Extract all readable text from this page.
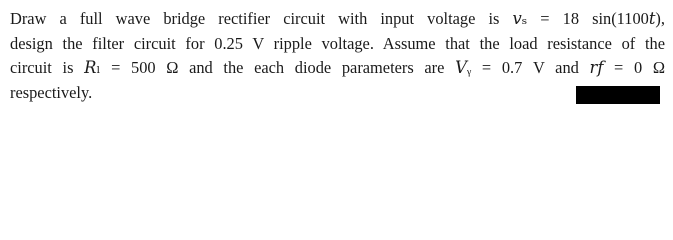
Draw a full wave bridge rectifier circuit with input voltage is 𝑣ₛ = 18 sin(1100𝑡),
design the filter circuit for 0.25 V ripple voltage. Assume that the load resistance of the
circuit is 𝑅ₗ = 500 Ω and the each diode parameters are 𝑉ᵧ = 0.7 V and 𝑟𝑓 = 0 Ω
respectively.
